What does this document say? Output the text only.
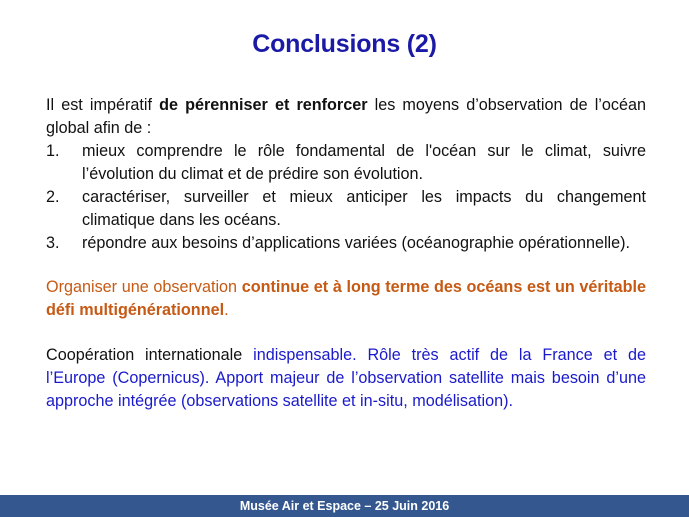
Conclusions (2)

Il est impératif de pérenniser et renforcer les moyens d’observation de l’océan global afin de :

1. mieux comprendre le rôle fondamental de l'océan sur le climat, suivre l’évolution du climat et de prédire son évolution.
2. caractériser, surveiller et mieux anticiper les impacts du changement climatique dans les océans.
3. répondre aux besoins d’applications variées (océanographie opérationnelle).

Organiser une observation continue et à long terme des océans est un véritable défi multigénérationnel.

Coopération internationale indispensable. Rôle très actif de la France et de l’Europe (Copernicus). Apport majeur de l’observation satellite mais besoin d’une approche intégrée (observations satellite et in-situ, modélisation).

Musée Air et Espace – 25 Juin 2016
